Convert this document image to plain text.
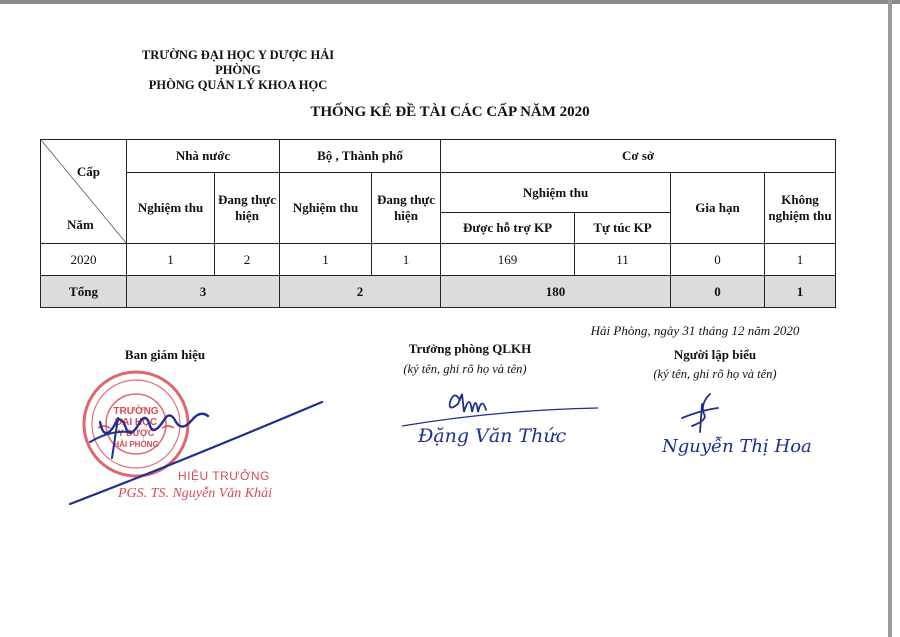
TRƯỜNG ĐẠI HỌC Y DƯỢC HẢI PHÒNG
PHÒNG QUẢN LÝ KHOA HỌC
THỐNG KÊ ĐỀ TÀI CÁC CẤP NĂM 2020
Cấp
Năm	Nhà nước		Bộ , Thành phố		Cơ sở			
	Nghiệm thu	Đang thực hiện	Nghiệm thu	Đang thực hiện	Nghiệm thu		Gia hạn	Không nghiệm thu
					Được hỗ trợ KP	Tự túc KP		
2020	1	2	1	1	169	11	0	1
Tổng	3		2		180		0	1
Hải Phòng, ngày 31 tháng 12 năm 2020
Ban giám hiệu
TRƯỜNG
ĐẠI HỌC
Y DƯỢC
HẢI PHÒNG
HIỆU TRƯỞNG
PGS. TS. Nguyễn Văn Khải
Trưởng phòng QLKH
(ký tên, ghi rõ họ và tên)
Đặng Văn Thức
Người lập biểu
(ký tên, ghi rõ họ và tên)
Nguyễn Thị Hoa
